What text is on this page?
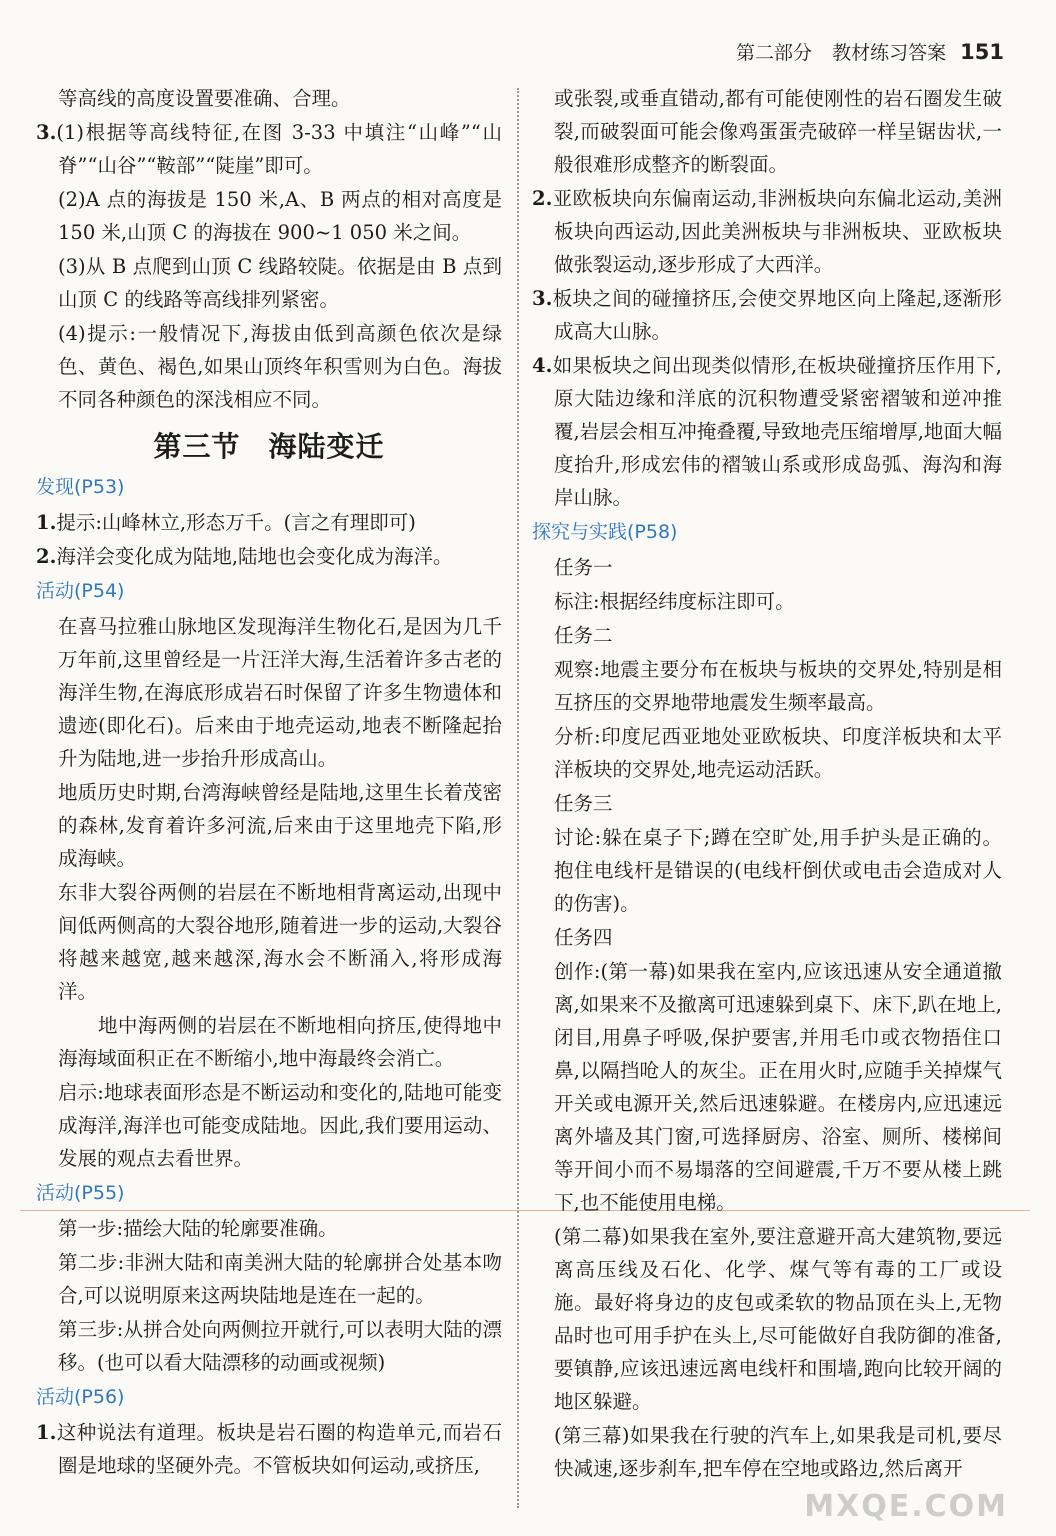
第二部分 教材练习答案 151

等高线的高度设置要准确、合理。

3.(1)根据等高线特征,在图 3-33 中填注“山峰”“山脊”“山谷”“鞍部”“陡崖”即可。

(2)A 点的海拔是 150 米,A、B 两点的相对高度是 150 米,山顶 C 的海拔在 900~1 050 米之间。

(3)从 B 点爬到山顶 C 线路较陡。依据是由 B 点到山顶 C 的线路等高线排列紧密。

(4)提示:一般情况下,海拔由低到高颜色依次是绿色、黄色、褐色,如果山顶终年积雪则为白色。海拔不同各种颜色的深浅相应不同。

第三节 海陆变迁
发现(P53)

1.提示:山峰林立,形态万千。(言之有理即可)

2.海洋会变化成为陆地,陆地也会变化成为海洋。

活动(P54)

在喜马拉雅山脉地区发现海洋生物化石,是因为几千万年前,这里曾经是一片汪洋大海,生活着许多古老的海洋生物,在海底形成岩石时保留了许多生物遗体和遗迹(即化石)。后来由于地壳运动,地表不断隆起抬升为陆地,进一步抬升形成高山。

地质历史时期,台湾海峡曾经是陆地,这里生长着茂密的森林,发育着许多河流,后来由于这里地壳下陷,形成海峡。

东非大裂谷两侧的岩层在不断地相背离运动,出现中间低两侧高的大裂谷地形,随着进一步的运动,大裂谷将越来越宽,越来越深,海水会不断涌入,将形成海洋。

地中海两侧的岩层在不断地相向挤压,使得地中海海域面积正在不断缩小,地中海最终会消亡。

启示:地球表面形态是不断运动和变化的,陆地可能变成海洋,海洋也可能变成陆地。因此,我们要用运动、发展的观点去看世界。

活动(P55)

第一步:描绘大陆的轮廓要准确。

第二步:非洲大陆和南美洲大陆的轮廓拼合处基本吻合,可以说明原来这两块陆地是连在一起的。

第三步:从拼合处向两侧拉开就行,可以表明大陆的漂移。(也可以看大陆漂移的动画或视频)

活动(P56)

1.这种说法有道理。板块是岩石圈的构造单元,而岩石圈是地球的坚硬外壳。不管板块如何运动,或挤压,

或张裂,或垂直错动,都有可能使刚性的岩石圈发生破裂,而破裂面可能会像鸡蛋蛋壳破碎一样呈锯齿状,一般很难形成整齐的断裂面。

2.亚欧板块向东偏南运动,非洲板块向东偏北运动,美洲板块向西运动,因此美洲板块与非洲板块、亚欧板块做张裂运动,逐步形成了大西洋。

3.板块之间的碰撞挤压,会使交界地区向上隆起,逐渐形成高大山脉。

4.如果板块之间出现类似情形,在板块碰撞挤压作用下,原大陆边缘和洋底的沉积物遭受紧密褶皱和逆冲推覆,岩层会相互冲掩叠覆,导致地壳压缩增厚,地面大幅度抬升,形成宏伟的褶皱山系或形成岛弧、海沟和海岸山脉。

探究与实践(P58)

任务一

标注:根据经纬度标注即可。

任务二

观察:地震主要分布在板块与板块的交界处,特别是相互挤压的交界地带地震发生频率最高。

分析:印度尼西亚地处亚欧板块、印度洋板块和太平洋板块的交界处,地壳运动活跃。

任务三

讨论:躲在桌子下;蹲在空旷处,用手护头是正确的。抱住电线杆是错误的(电线杆倒伏或电击会造成对人的伤害)。

任务四

创作:(第一幕)如果我在室内,应该迅速从安全通道撤离,如果来不及撤离可迅速躲到桌下、床下,趴在地上,闭目,用鼻子呼吸,保护要害,并用毛巾或衣物捂住口鼻,以隔挡呛人的灰尘。正在用火时,应随手关掉煤气开关或电源开关,然后迅速躲避。在楼房内,应迅速远离外墙及其门窗,可选择厨房、浴室、厕所、楼梯间等开间小而不易塌落的空间避震,千万不要从楼上跳下,也不能使用电梯。

(第二幕)如果我在室外,要注意避开高大建筑物,要远离高压线及石化、化学、煤气等有毒的工厂或设施。最好将身边的皮包或柔软的物品顶在头上,无物品时也可用手护在头上,尽可能做好自我防御的准备,要镇静,应该迅速远离电线杆和围墙,跑向比较开阔的地区躲避。

(第三幕)如果我在行驶的汽车上,如果我是司机,要尽快减速,逐步刹车,把车停在空地或路边,然后离开

MXQE.COM
